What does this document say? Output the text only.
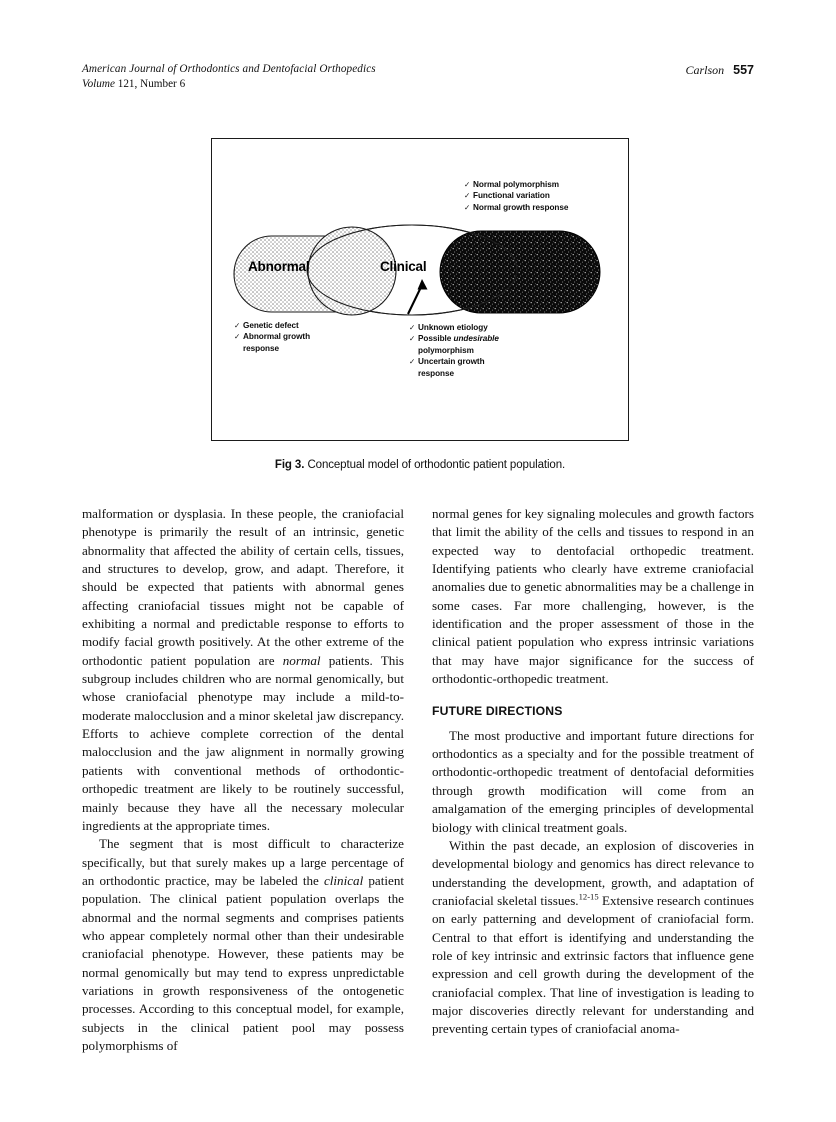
American Journal of Orthodontics and Dentofacial Orthopedics
Volume 121, Number 6
Carlson 557
Abnormal	Clinical
✓ Normal polymorphism
✓ Functional variation
✓ Normal growth response
✓ Genetic defect
✓ Abnormal growth
response
✓ Unknown etiology
✓ Possible undesirable
polymorphism
✓ Uncertain growth
response
Fig 3. Conceptual model of orthodontic patient population.

malformation or dysplasia. In these people, the craniofacial phenotype is primarily the result of an intrinsic, genetic abnormality that affected the ability of certain cells, tissues, and structures to develop, grow, and adapt. Therefore, it should be expected that patients with abnormal genes affecting craniofacial tissues might not be capable of exhibiting a normal and predictable response to efforts to modify facial growth positively. At the other extreme of the orthodontic patient population are normal patients. This subgroup includes children who are normal genomically, but whose craniofacial phenotype may include a mild-to-moderate malocclusion and a minor skeletal jaw discrepancy. Efforts to achieve complete correction of the dental malocclusion and the jaw alignment in normally growing patients with conventional methods of orthodontic-orthopedic treatment are likely to be routinely successful, mainly because they have all the necessary molecular ingredients at the appropriate times.

The segment that is most difficult to characterize specifically, but that surely makes up a large percentage of an orthodontic practice, may be labeled the clinical patient population. The clinical patient population overlaps the abnormal and the normal segments and comprises patients who appear completely normal other than their undesirable craniofacial phenotype. However, these patients may be normal genomically but may tend to express unpredictable variations in growth responsiveness of the ontogenetic processes. According to this conceptual model, for example, subjects in the clinical patient pool may possess polymorphisms of

normal genes for key signaling molecules and growth factors that limit the ability of the cells and tissues to respond in an expected way to dentofacial orthopedic treatment. Identifying patients who clearly have extreme craniofacial anomalies due to genetic abnormalities may be a challenge in some cases. Far more challenging, however, is the identification and the proper assessment of those in the clinical patient population who express intrinsic variations that may have major significance for the success of orthodontic-orthopedic treatment.

FUTURE DIRECTIONS

The most productive and important future directions for orthodontics as a specialty and for the possible treatment of orthodontic-orthopedic treatment of dentofacial deformities through growth modification will come from an amalgamation of the emerging principles of developmental biology with clinical treatment goals.

Within the past decade, an explosion of discoveries in developmental biology and genomics has direct relevance to understanding the development, growth, and adaptation of craniofacial skeletal tissues.$^{12-15}$ Extensive research continues on early patterning and development of craniofacial form. Central to that effort is identifying and understanding the role of key intrinsic and extrinsic factors that influence gene expression and cell growth during the development of the craniofacial complex. That line of investigation is leading to major discoveries directly relevant for understanding and preventing certain types of craniofacial anoma-
